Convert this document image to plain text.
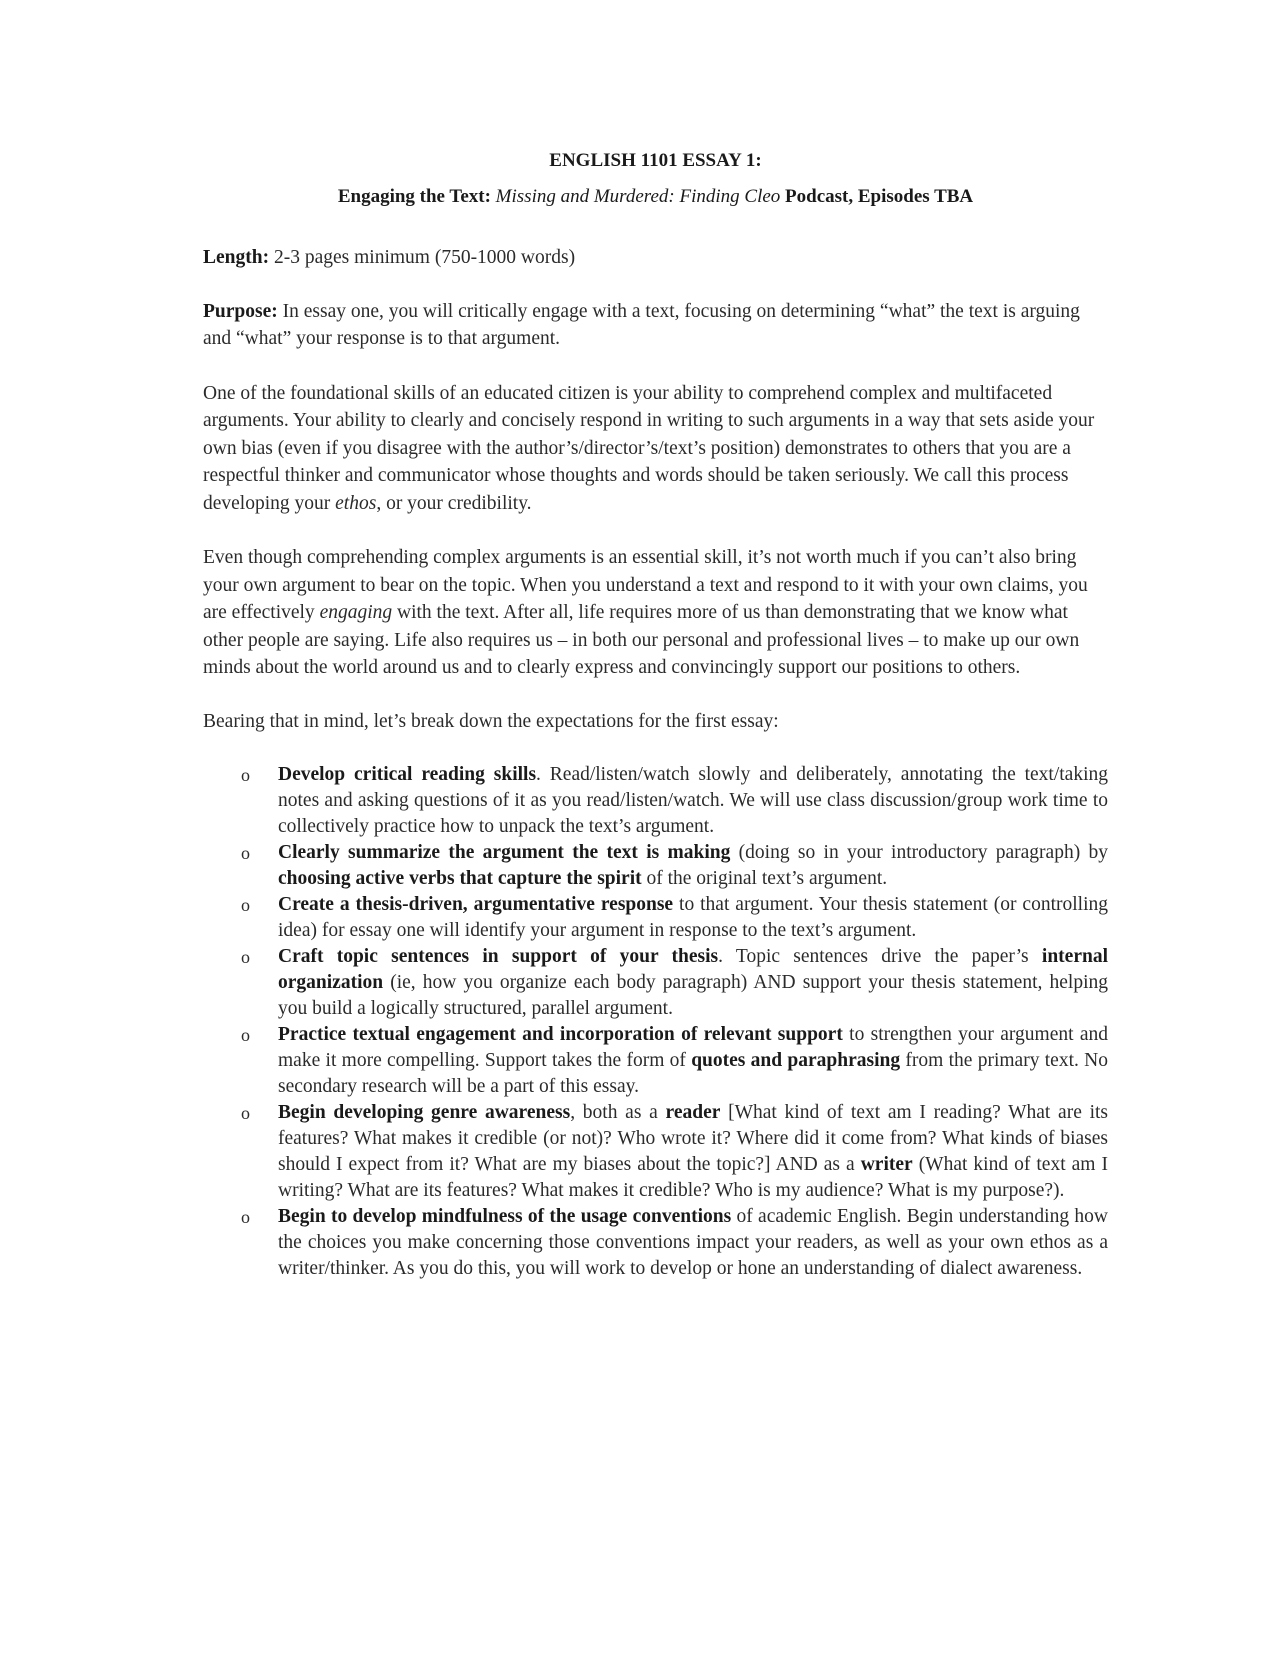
ENGLISH 1101 ESSAY 1:

Engaging the Text: Missing and Murdered: Finding Cleo Podcast, Episodes TBA

Length: 2-3 pages minimum (750-1000 words)

Purpose: In essay one, you will critically engage with a text, focusing on determining “what” the text is arguing and “what” your response is to that argument.

One of the foundational skills of an educated citizen is your ability to comprehend complex and multifaceted arguments. Your ability to clearly and concisely respond in writing to such arguments in a way that sets aside your own bias (even if you disagree with the author’s/director’s/text’s position) demonstrates to others that you are a respectful thinker and communicator whose thoughts and words should be taken seriously. We call this process developing your ethos, or your credibility.

Even though comprehending complex arguments is an essential skill, it’s not worth much if you can’t also bring your own argument to bear on the topic. When you understand a text and respond to it with your own claims, you are effectively engaging with the text. After all, life requires more of us than demonstrating that we know what other people are saying. Life also requires us – in both our personal and professional lives – to make up our own minds about the world around us and to clearly express and convincingly support our positions to others.

Bearing that in mind, let’s break down the expectations for the first essay:

o Develop critical reading skills. Read/listen/watch slowly and deliberately, annotating the text/taking notes and asking questions of it as you read/listen/watch. We will use class discussion/group work time to collectively practice how to unpack the text’s argument.
o Clearly summarize the argument the text is making (doing so in your introductory paragraph) by choosing active verbs that capture the spirit of the original text’s argument.
o Create a thesis-driven, argumentative response to that argument. Your thesis statement (or controlling idea) for essay one will identify your argument in response to the text’s argument.
o Craft topic sentences in support of your thesis. Topic sentences drive the paper’s internal organization (ie, how you organize each body paragraph) AND support your thesis statement, helping you build a logically structured, parallel argument.
o Practice textual engagement and incorporation of relevant support to strengthen your argument and make it more compelling. Support takes the form of quotes and paraphrasing from the primary text. No secondary research will be a part of this essay.
o Begin developing genre awareness, both as a reader [What kind of text am I reading? What are its features? What makes it credible (or not)? Who wrote it? Where did it come from? What kinds of biases should I expect from it? What are my biases about the topic?] AND as a writer (What kind of text am I writing? What are its features? What makes it credible? Who is my audience? What is my purpose?).
o Begin to develop mindfulness of the usage conventions of academic English. Begin understanding how the choices you make concerning those conventions impact your readers, as well as your own ethos as a writer/thinker. As you do this, you will work to develop or hone an understanding of dialect awareness.
